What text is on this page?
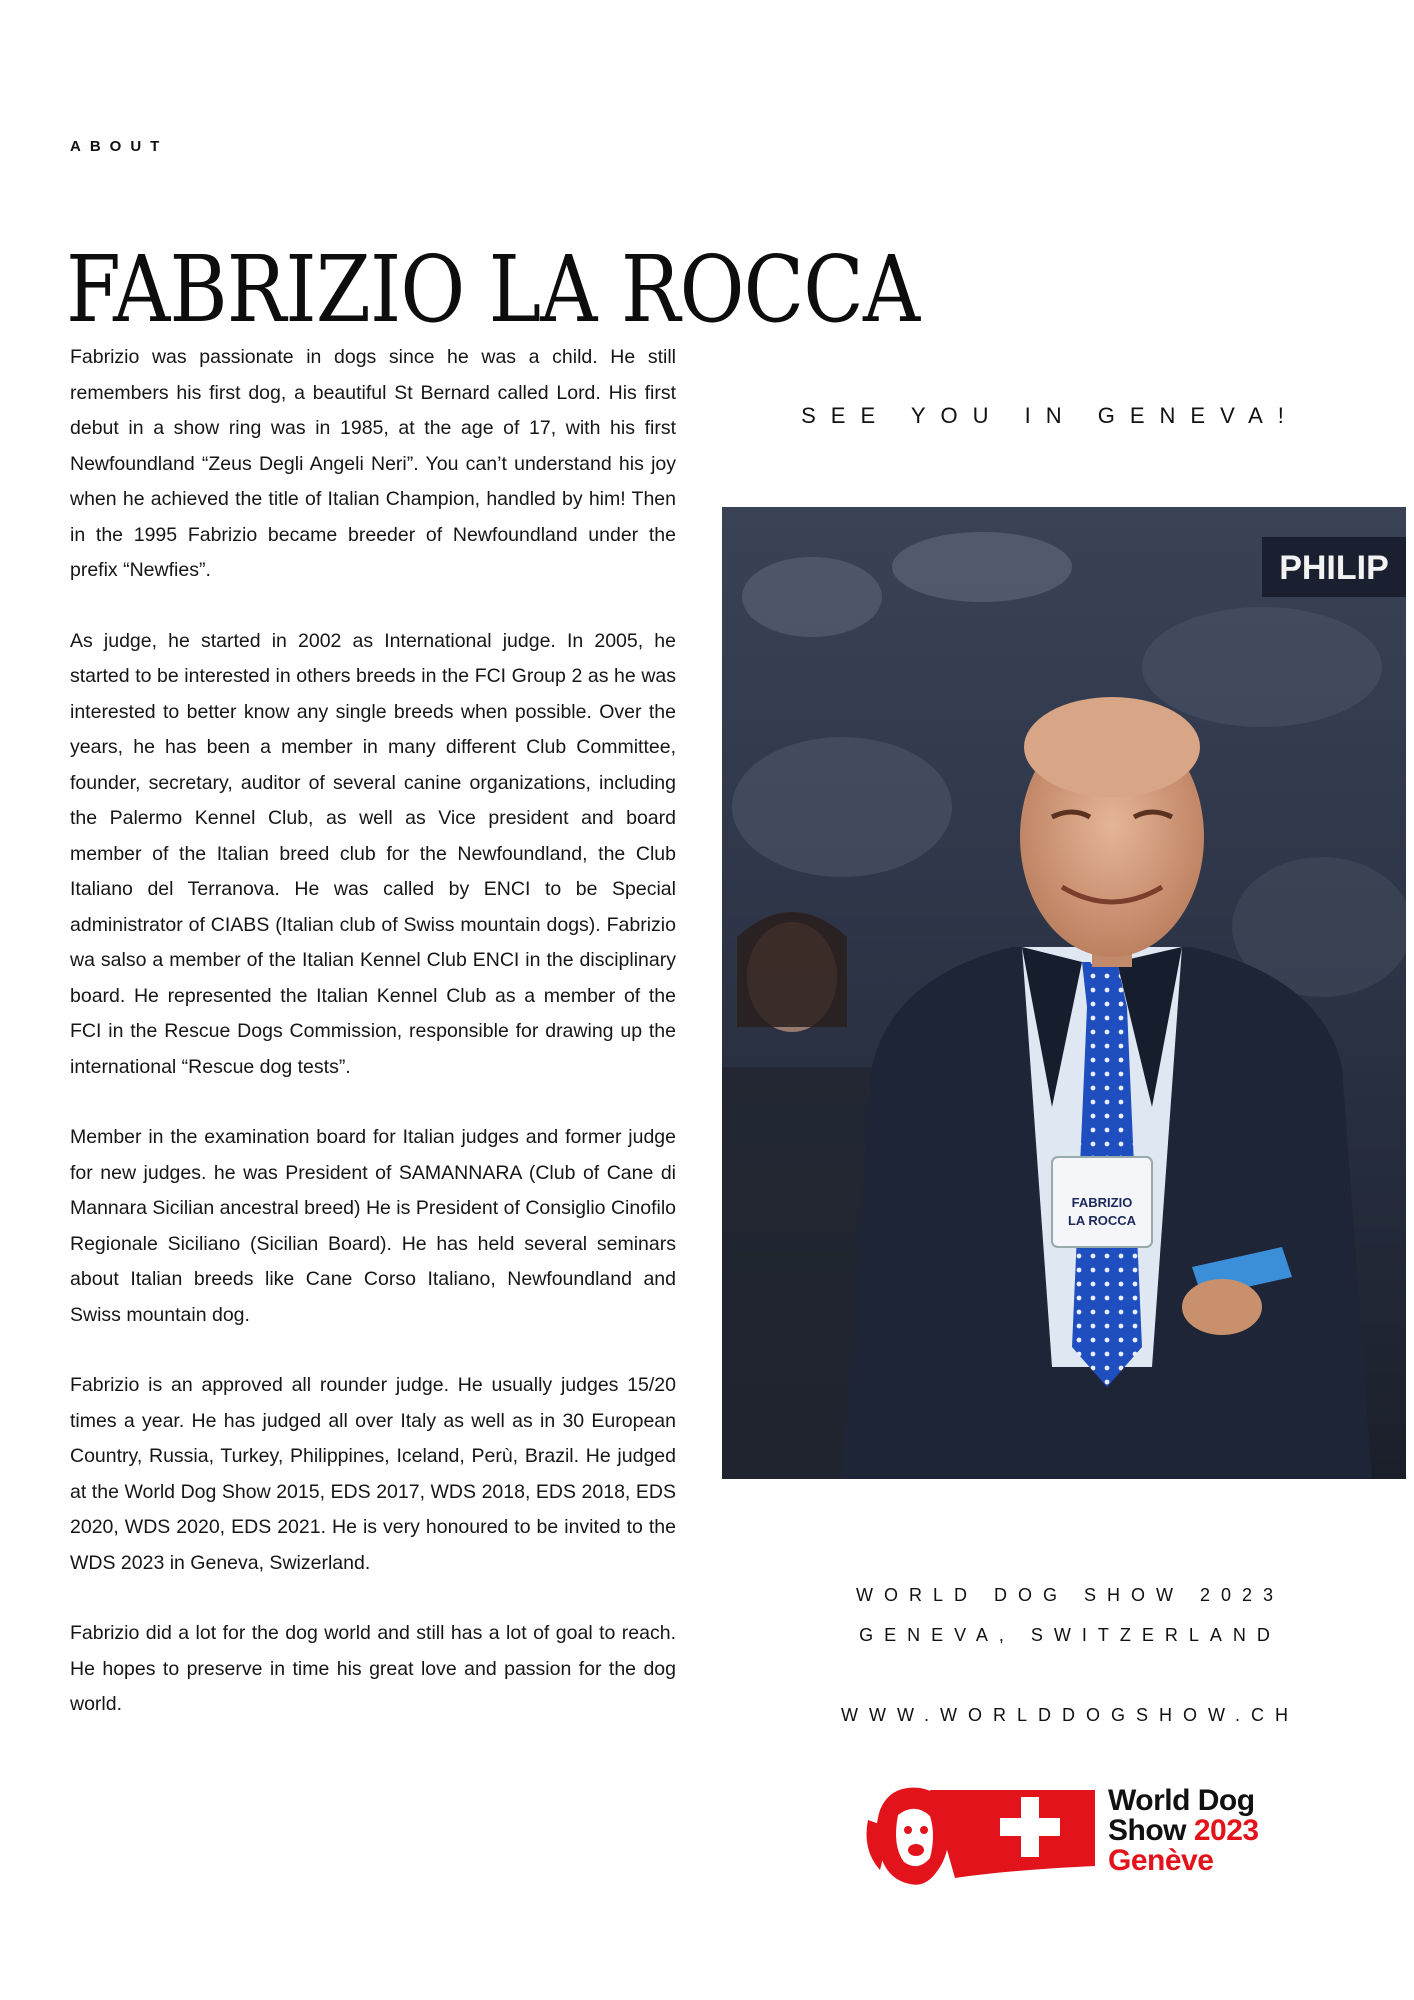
ABOUT
FABRIZIO LA ROCCA

Fabrizio was passionate in dogs since he was a child. He still remembers his first dog, a beautiful St Bernard called Lord. His first debut in a show ring was in 1985, at the age of 17, with his first Newfoundland “Zeus Degli Angeli Neri”. You can’t understand his joy when he achieved the title of Italian Champion, handled by him! Then in the 1995 Fabrizio became breeder of Newfoundland under the prefix “Newfies”.

As judge, he started in 2002 as International judge. In 2005, he started to be interested in others breeds in the FCI Group 2 as he was interested to better know any single breeds when possible. Over the years, he has been a member in many different Club Committee, founder, secretary, auditor of several canine organizations, including the Palermo Kennel Club, as well as Vice president and board member of the Italian breed club for the Newfoundland, the Club Italiano del Terranova. He was called by ENCI to be Special administrator of CIABS (Italian club of Swiss mountain dogs). Fabrizio wa salso a member of the Italian Kennel Club ENCI in the disciplinary board. He represented the Italian Kennel Club as a member of the FCI in the Rescue Dogs Commission, responsible for drawing up the international “Rescue dog tests”.

Member in the examination board for Italian judges and former judge for new judges. he was President of SAMANNARA (Club of Cane di Mannara Sicilian ancestral breed) He is President of Consiglio Cinofilo Regionale Siciliano (Sicilian Board). He has held several seminars about Italian breeds like Cane Corso Italiano, Newfoundland and Swiss mountain dog.

Fabrizio is an approved all rounder judge. He usually judges 15/20 times a year. He has judged all over Italy as well as in 30 European Country, Russia, Turkey, Philippines, Iceland, Perù, Brazil. He judged at the World Dog Show 2015, EDS 2017, WDS 2018, EDS 2018, EDS 2020, WDS 2020, EDS 2021. He is very honoured to be invited to the WDS 2023 in Geneva, Swizerland.

Fabrizio did a lot for the dog world and still has a lot of goal to reach. He hopes to preserve in time his great love and passion for the dog world.

SEE YOU IN GENEVA!
PHILIP
FABRIZIO
LA ROCCA
WORLD DOG SHOW 2023
GENEVA, SWITZERLAND
WWW.WORLDDOGSHOW.CH
World Dog
Show 2023
Genève
